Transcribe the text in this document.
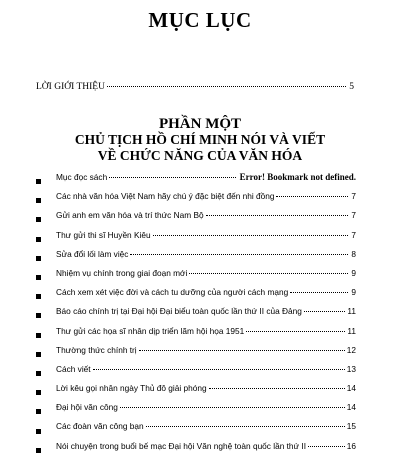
MỤC LỤC
LỜI GIỚI THIỆU	5
PHẦN MỘT
CHỦ TỊCH HỒ CHÍ MINH NÓI VÀ VIẾT
VỀ CHỨC NĂNG CỦA VĂN HÓA
Mục đọc sách	Error! Bookmark not defined.
Các nhà văn hóa Việt Nam hãy chú ý đặc biệt đến nhi đồng	7
Gửi anh em văn hóa và trí thức Nam Bộ	7
Thư gửi thi sĩ Huyền Kiêu	7
Sửa đổi lối làm việc	8
Nhiệm vụ chính trong giai đoạn mới	9
Cách xem xét việc đời và cách tu dưỡng của người cách mạng	9
Báo cáo chính trị tại Đại hội Đại biểu toàn quốc lần thứ II của Đảng	11
Thư gửi các họa sĩ nhân dịp triển lãm hội họa 1951	11
Thường thức chính trị	12
Cách viết	13
Lời kêu gọi nhân ngày Thủ đô giải phóng	14
Đại hội văn công	14
Các đoàn văn công bạn	15
Nói chuyện trong buổi bế mạc Đại hội Văn nghệ toàn quốc lần thứ II	16
